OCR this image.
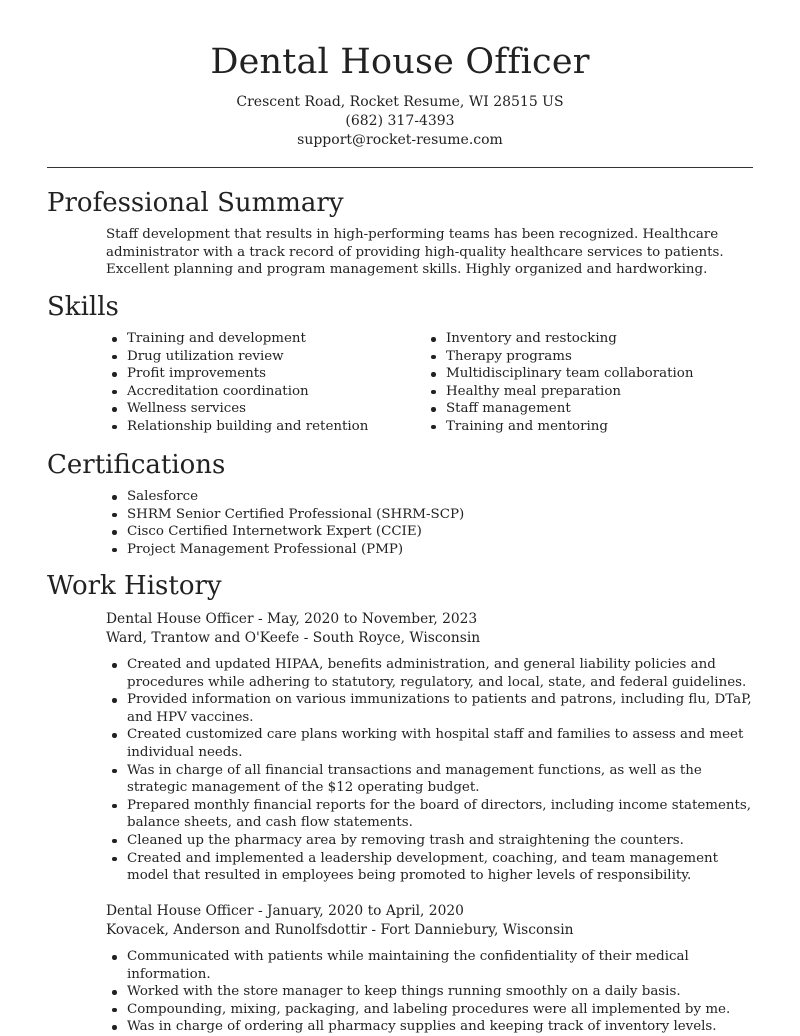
Dental House Officer
Crescent Road, Rocket Resume, WI 28515 US
(682) 317-4393
support@rocket-resume.com
Professional Summary
Staff development that results in high-performing teams has been recognized. Healthcare administrator with a track record of providing high-quality healthcare services to patients. Excellent planning and program management skills. Highly organized and hardworking.
Skills
Training and development
Drug utilization review
Profit improvements
Accreditation coordination
Wellness services
Relationship building and retention
Inventory and restocking
Therapy programs
Multidisciplinary team collaboration
Healthy meal preparation
Staff management
Training and mentoring
Certifications
Salesforce
SHRM Senior Certified Professional (SHRM-SCP)
Cisco Certified Internetwork Expert (CCIE)
Project Management Professional (PMP)
Work History
Dental House Officer - May, 2020 to November, 2023
Ward, Trantow and O'Keefe - South Royce, Wisconsin
Created and updated HIPAA, benefits administration, and general liability policies and procedures while adhering to statutory, regulatory, and local, state, and federal guidelines.
Provided information on various immunizations to patients and patrons, including flu, DTaP, and HPV vaccines.
Created customized care plans working with hospital staff and families to assess and meet individual needs.
Was in charge of all financial transactions and management functions, as well as the strategic management of the $12 operating budget.
Prepared monthly financial reports for the board of directors, including income statements, balance sheets, and cash flow statements.
Cleaned up the pharmacy area by removing trash and straightening the counters.
Created and implemented a leadership development, coaching, and team management model that resulted in employees being promoted to higher levels of responsibility.
Dental House Officer - January, 2020 to April, 2020
Kovacek, Anderson and Runolfsdottir - Fort Danniebury, Wisconsin
Communicated with patients while maintaining the confidentiality of their medical information.
Worked with the store manager to keep things running smoothly on a daily basis.
Compounding, mixing, packaging, and labeling procedures were all implemented by me.
Was in charge of ordering all pharmacy supplies and keeping track of inventory levels.
